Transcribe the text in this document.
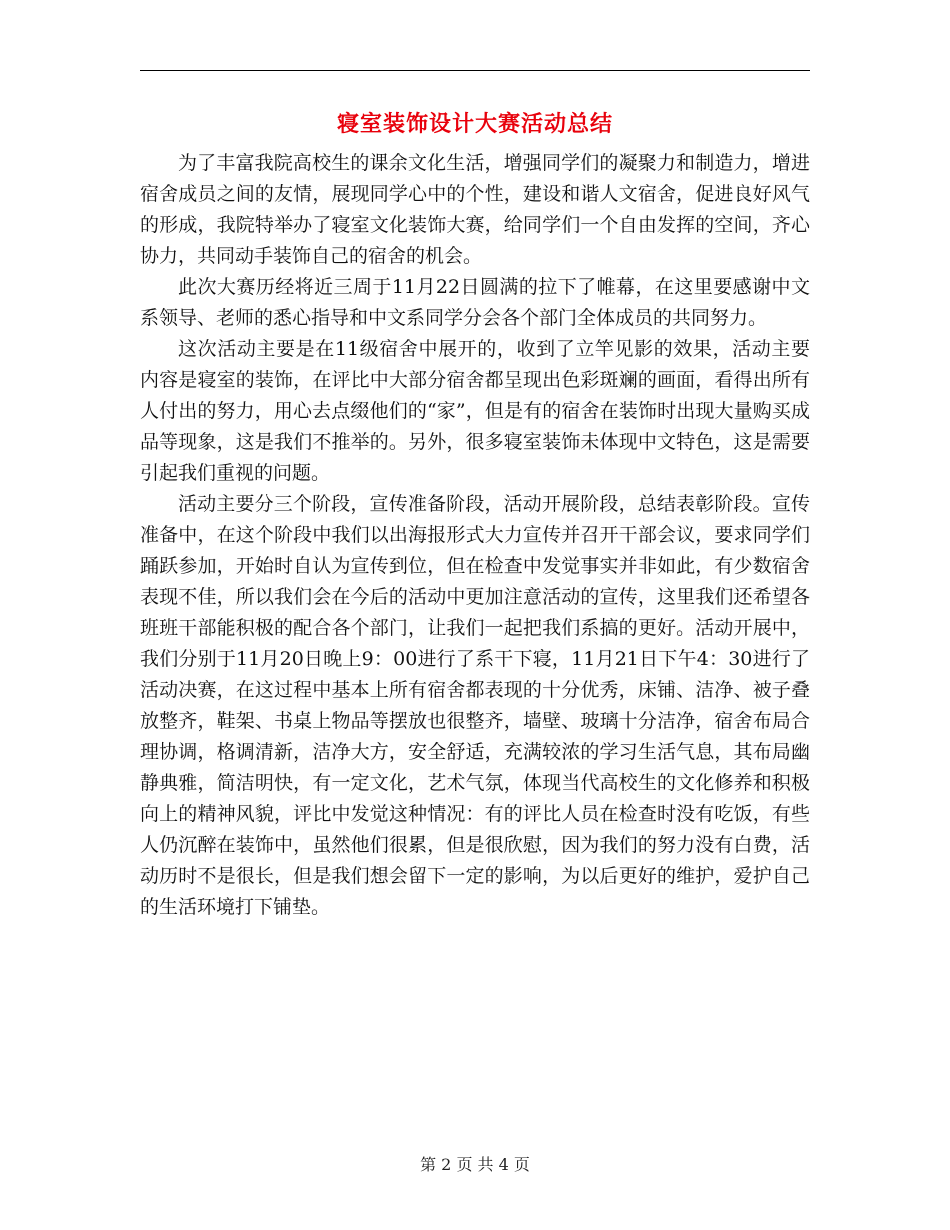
寝室装饰设计大赛活动总结

为了丰富我院高校生的课余文化生活，增强同学们的凝聚力和制造力，增进宿舍成员之间的友情，展现同学心中的个性，建设和谐人文宿舍，促进良好风气的形成，我院特举办了寝室文化装饰大赛，给同学们一个自由发挥的空间，齐心协力，共同动手装饰自己的宿舍的机会。

此次大赛历经将近三周于11月22日圆满的拉下了帷幕，在这里要感谢中文系领导、老师的悉心指导和中文系同学分会各个部门全体成员的共同努力。

这次活动主要是在11级宿舍中展开的，收到了立竿见影的效果，活动主要内容是寝室的装饰，在评比中大部分宿舍都呈现出色彩斑斓的画面，看得出所有人付出的努力，用心去点缀他们的“家”，但是有的宿舍在装饰时出现大量购买成品等现象，这是我们不推举的。另外，很多寝室装饰未体现中文特色，这是需要引起我们重视的问题。

活动主要分三个阶段，宣传准备阶段，活动开展阶段，总结表彰阶段。宣传准备中，在这个阶段中我们以出海报形式大力宣传并召开干部会议，要求同学们踊跃参加，开始时自认为宣传到位，但在检查中发觉事实并非如此，有少数宿舍表现不佳，所以我们会在今后的活动中更加注意活动的宣传，这里我们还希望各班班干部能积极的配合各个部门，让我们一起把我们系搞的更好。活动开展中，我们分别于11月20日晚上9：00进行了系干下寝，11月21日下午4：30进行了活动决赛，在这过程中基本上所有宿舍都表现的十分优秀，床铺、洁净、被子叠放整齐，鞋架、书桌上物品等摆放也很整齐，墙壁、玻璃十分洁净，宿舍布局合理协调，格调清新，洁净大方，安全舒适，充满较浓的学习生活气息，其布局幽静典雅，简洁明快，有一定文化，艺术气氛，体现当代高校生的文化修养和积极向上的精神风貌，评比中发觉这种情况：有的评比人员在检查时没有吃饭，有些人仍沉醉在装饰中，虽然他们很累，但是很欣慰，因为我们的努力没有白费，活动历时不是很长，但是我们想会留下一定的影响，为以后更好的维护，爱护自己的生活环境打下铺垫。

第 2 页 共 4 页
